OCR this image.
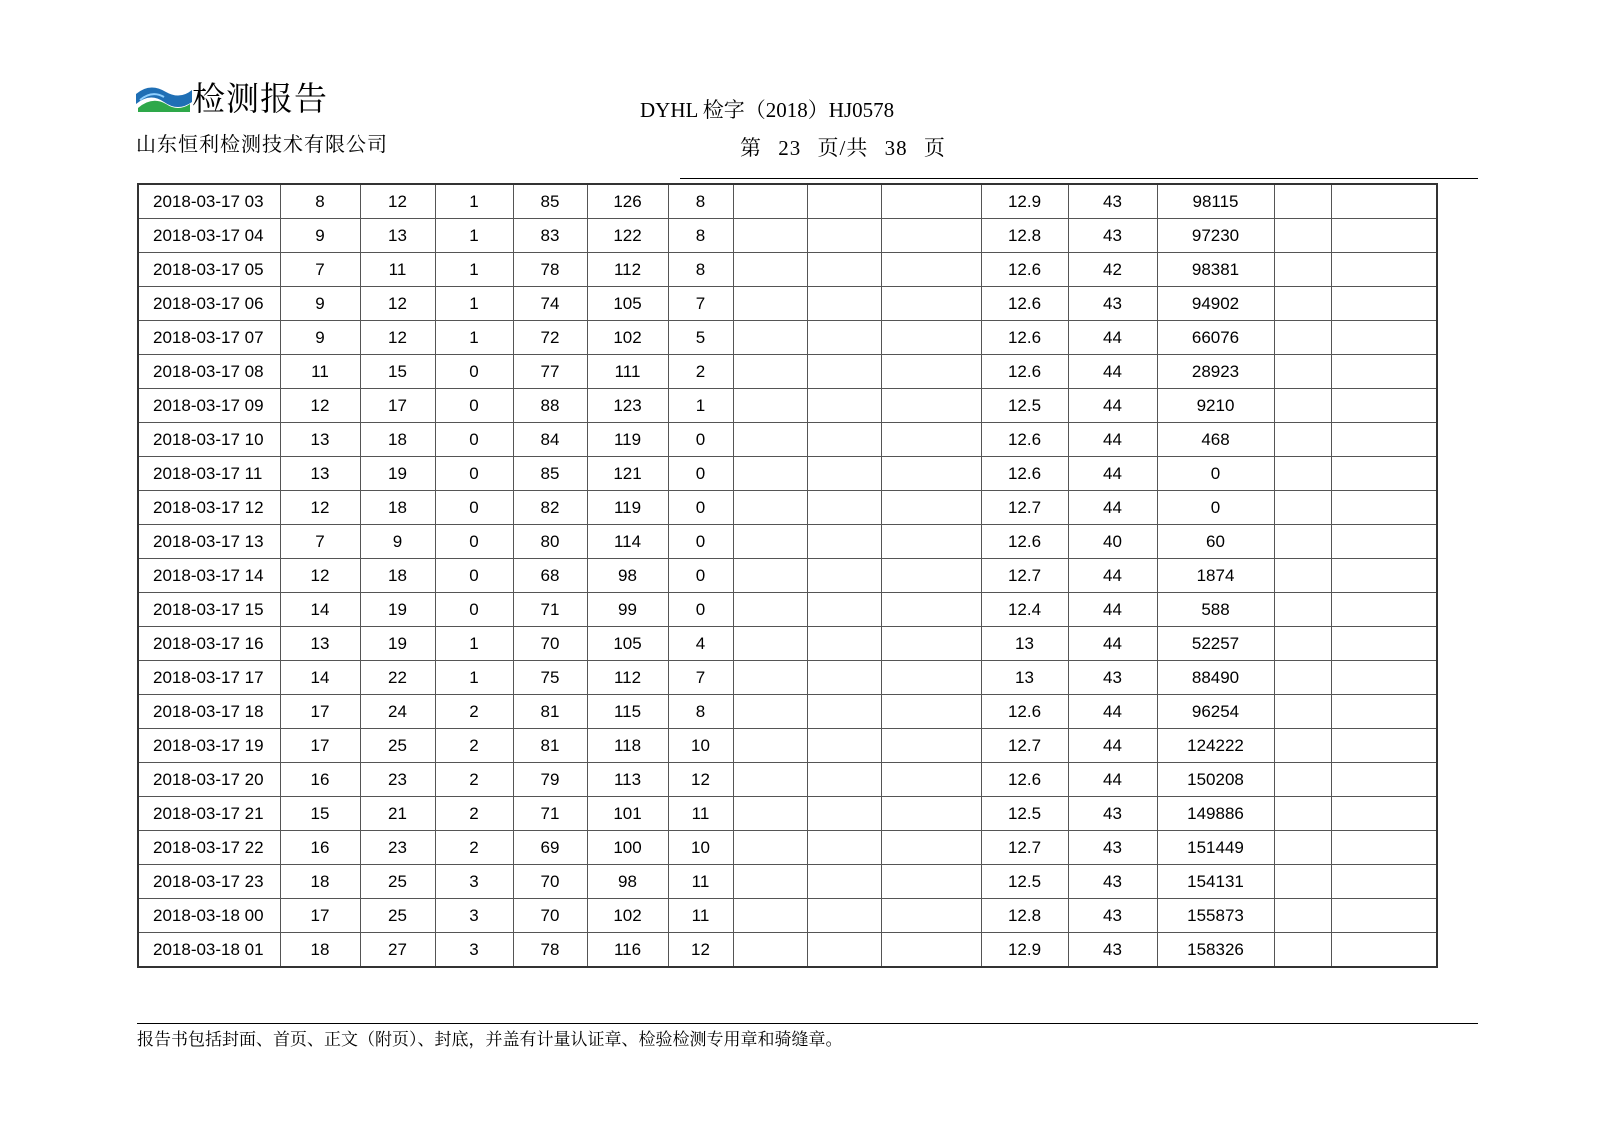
检测报告
山东恒利检测技术有限公司
DYHL 检字（2018）HJ0578
第 23 页/共 38 页
2018-03-17 03	8	12	1	85	126	8				12.9	43	98115		
2018-03-17 04	9	13	1	83	122	8				12.8	43	97230		
2018-03-17 05	7	11	1	78	112	8				12.6	42	98381		
2018-03-17 06	9	12	1	74	105	7				12.6	43	94902		
2018-03-17 07	9	12	1	72	102	5				12.6	44	66076		
2018-03-17 08	11	15	0	77	111	2				12.6	44	28923		
2018-03-17 09	12	17	0	88	123	1				12.5	44	9210		
2018-03-17 10	13	18	0	84	119	0				12.6	44	468		
2018-03-17 11	13	19	0	85	121	0				12.6	44	0		
2018-03-17 12	12	18	0	82	119	0				12.7	44	0		
2018-03-17 13	7	9	0	80	114	0				12.6	40	60		
2018-03-17 14	12	18	0	68	98	0				12.7	44	1874		
2018-03-17 15	14	19	0	71	99	0				12.4	44	588		
2018-03-17 16	13	19	1	70	105	4				13	44	52257		
2018-03-17 17	14	22	1	75	112	7				13	43	88490		
2018-03-17 18	17	24	2	81	115	8				12.6	44	96254		
2018-03-17 19	17	25	2	81	118	10				12.7	44	124222		
2018-03-17 20	16	23	2	79	113	12				12.6	44	150208		
2018-03-17 21	15	21	2	71	101	11				12.5	43	149886		
2018-03-17 22	16	23	2	69	100	10				12.7	43	151449		
2018-03-17 23	18	25	3	70	98	11				12.5	43	154131		
2018-03-18 00	17	25	3	70	102	11				12.8	43	155873		
2018-03-18 01	18	27	3	78	116	12				12.9	43	158326		
报告书包括封面、首页、正文（附页）、封底，并盖有计量认证章、检验检测专用章和骑缝章。
